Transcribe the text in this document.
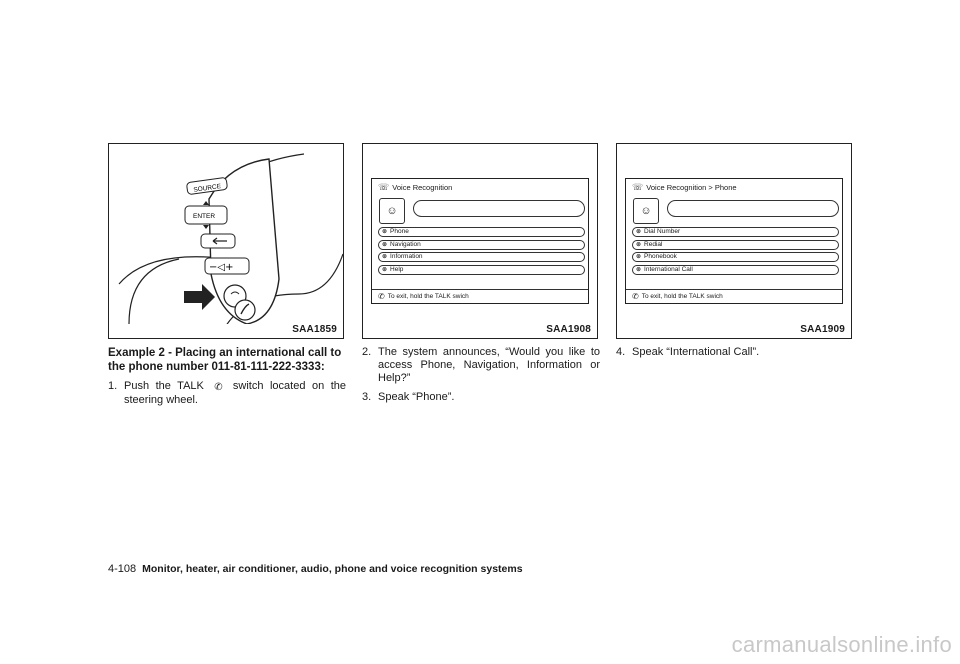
SOURCE
ENTER
−◁+
SAA1859
☏ Voice Recognition
☺
⊛ Phone
⊛ Navigation
⊛ Information
⊛ Help
✆ To exit, hold the TALK swich
SAA1908
☏ Voice Recognition > Phone
☺
⊛ Dial Number
⊛ Redial
⊛ Phonebook
⊛ International Call
✆ To exit, hold the TALK swich
SAA1909
Example 2 - Placing an international call to the phone number 011-81-111-222-3333:
1. Push the TALK ✆ switch located on the steering wheel.
2. The system announces, “Would you like to access Phone, Navigation, Information or Help?”
3. Speak “Phone”.
4. Speak “International Call”.
4-108 Monitor, heater, air conditioner, audio, phone and voice recognition systems
carmanualsonline.info
